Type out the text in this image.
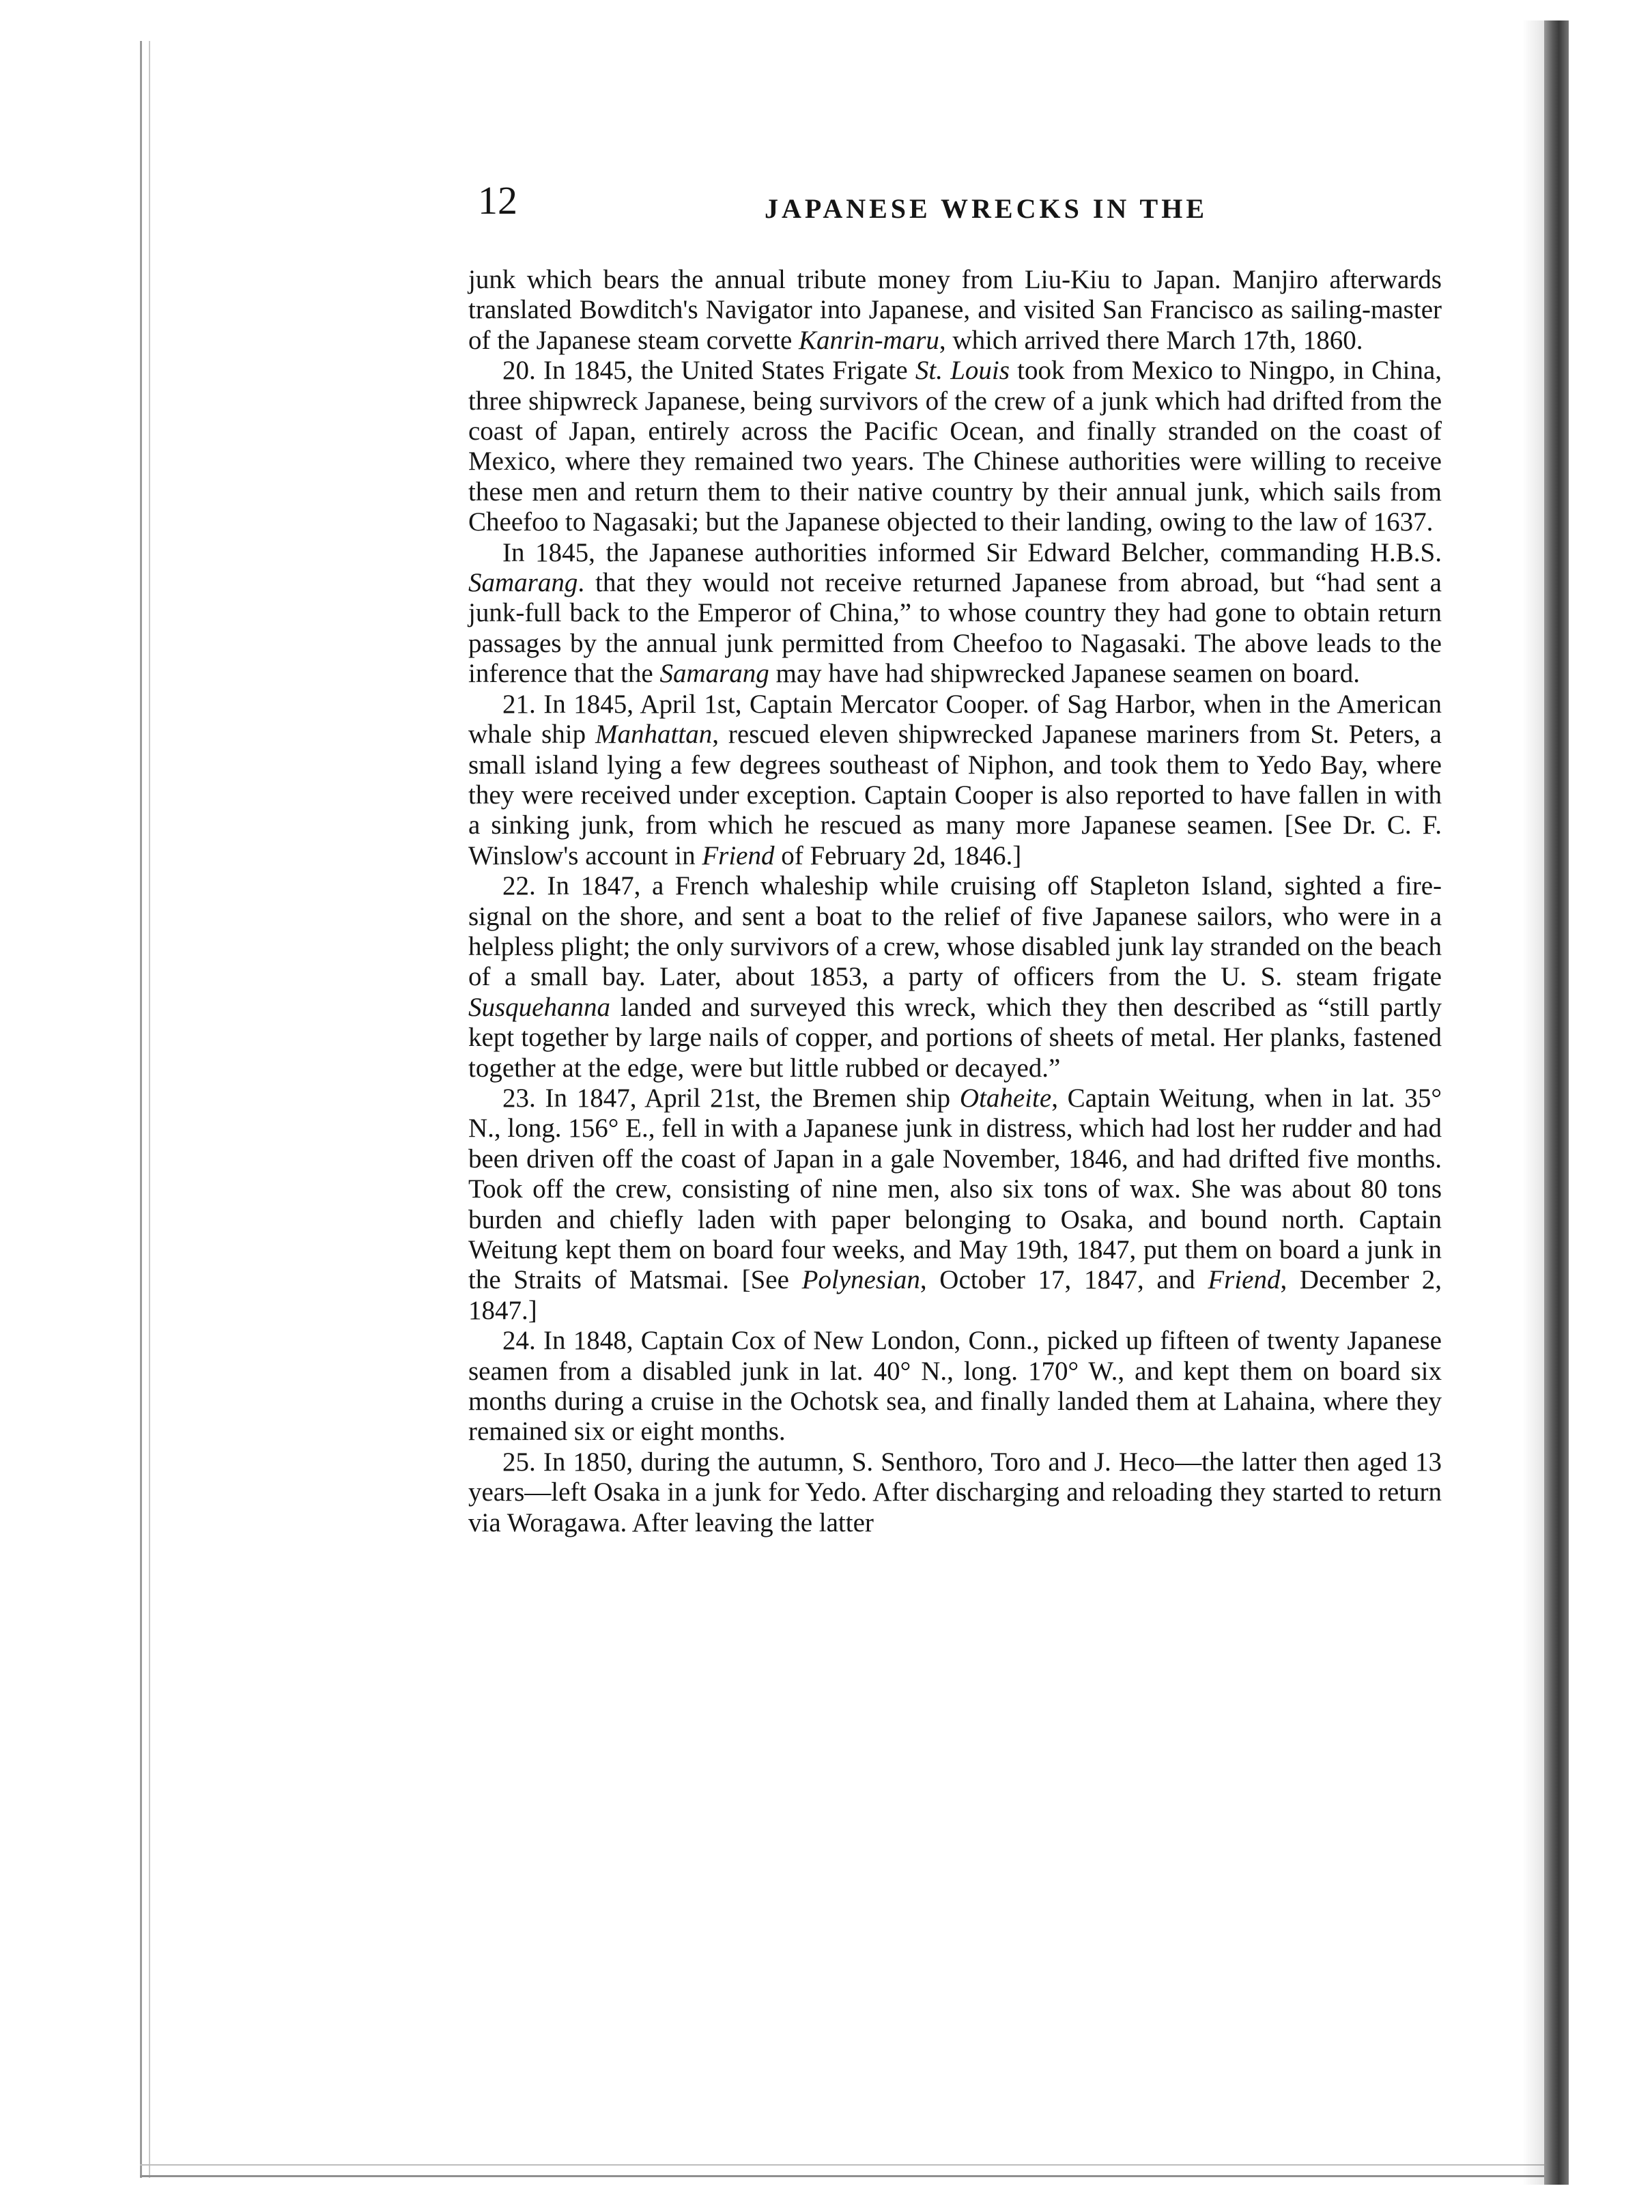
12	JAPANESE WRECKS IN THE

junk which bears the annual tribute money from Liu-Kiu to Japan. Manjiro afterwards translated Bowditch's Navigator into Japanese, and visited San Francisco as sailing-master of the Japanese steam corvette Kanrin-maru, which arrived there March 17th, 1860.

20. In 1845, the United States Frigate St. Louis took from Mexico to Ningpo, in China, three shipwreck Japanese, being survivors of the crew of a junk which had drifted from the coast of Japan, entirely across the Pacific Ocean, and finally stranded on the coast of Mexico, where they remained two years. The Chinese authorities were willing to receive these men and return them to their native country by their annual junk, which sails from Cheefoo to Nagasaki; but the Japanese objected to their landing, owing to the law of 1637.

In 1845, the Japanese authorities informed Sir Edward Belcher, commanding H.B.S. Samarang. that they would not receive returned Japanese from abroad, but “had sent a junk-full back to the Emperor of China,” to whose country they had gone to obtain return passages by the annual junk permitted from Cheefoo to Nagasaki. The above leads to the inference that the Samarang may have had shipwrecked Japanese seamen on board.

21. In 1845, April 1st, Captain Mercator Cooper. of Sag Harbor, when in the American whale ship Manhattan, rescued eleven shipwrecked Japanese mariners from St. Peters, a small island lying a few degrees southeast of Niphon, and took them to Yedo Bay, where they were received under exception. Captain Cooper is also reported to have fallen in with a sinking junk, from which he rescued as many more Japanese seamen. [See Dr. C. F. Winslow's account in Friend of February 2d, 1846.]

22. In 1847, a French whaleship while cruising off Stapleton Island, sighted a fire-signal on the shore, and sent a boat to the relief of five Japanese sailors, who were in a helpless plight; the only survivors of a crew, whose disabled junk lay stranded on the beach of a small bay. Later, about 1853, a party of officers from the U. S. steam frigate Susquehanna landed and surveyed this wreck, which they then described as “still partly kept together by large nails of copper, and portions of sheets of metal. Her planks, fastened together at the edge, were but little rubbed or decayed.”

23. In 1847, April 21st, the Bremen ship Otaheite, Captain Weitung, when in lat. 35° N., long. 156° E., fell in with a Japanese junk in distress, which had lost her rudder and had been driven off the coast of Japan in a gale November, 1846, and had drifted five months. Took off the crew, consisting of nine men, also six tons of wax. She was about 80 tons burden and chiefly laden with paper belonging to Osaka, and bound north. Captain Weitung kept them on board four weeks, and May 19th, 1847, put them on board a junk in the Straits of Matsmai. [See Polynesian, October 17, 1847, and Friend, December 2, 1847.]

24. In 1848, Captain Cox of New London, Conn., picked up fifteen of twenty Japanese seamen from a disabled junk in lat. 40° N., long. 170° W., and kept them on board six months during a cruise in the Ochotsk sea, and finally landed them at Lahaina, where they remained six or eight months.

25. In 1850, during the autumn, S. Senthoro, Toro and J. Heco—the latter then aged 13 years—left Osaka in a junk for Yedo. After discharging and reloading they started to return via Woragawa. After leaving the latter
